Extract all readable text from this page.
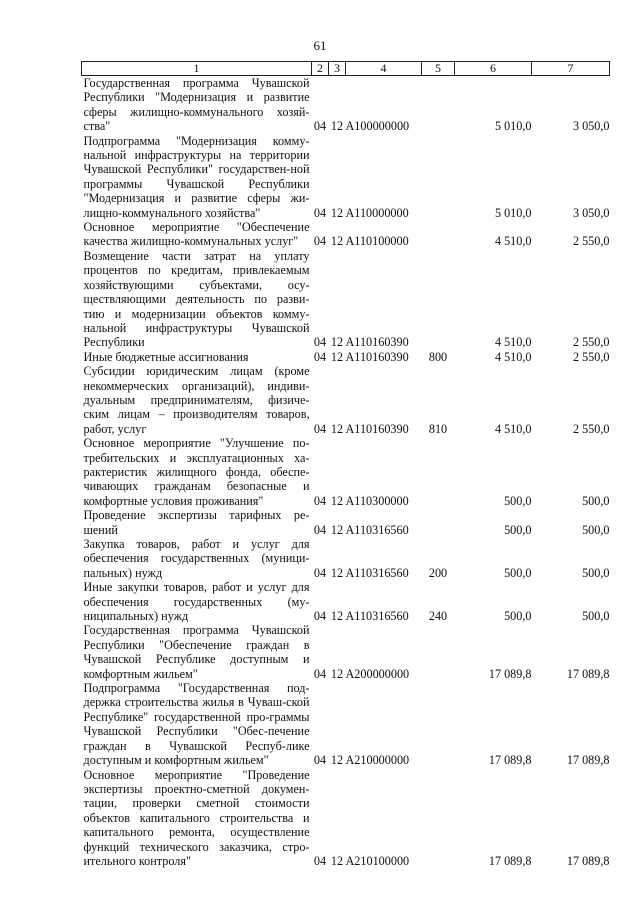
61
1	2	3	4	5	6	7
Государственная программа Чувашской Республики "Модернизация и развитие сферы жилищно-коммунального хозяй-ства"	04	12	А100000000		5 010,0	3 050,0
Подпрограмма "Модернизация комму-нальной инфраструктуры на территории Чувашской Республики" государствен-ной программы Чувашской Республики "Модернизация и развитие сферы жи-лищно-коммунального хозяйства"	04	12	А110000000		5 010,0	3 050,0
Основное мероприятие "Обеспечение качества жилищно-коммунальных услуг"	04	12	А110100000		4 510,0	2 550,0
Возмещение части затрат на уплату процентов по кредитам, привлекаемым хозяйствующими субъектами, осу-ществляющими деятельность по разви-тию и модернизации объектов комму-нальной инфраструктуры Чувашской Республики	04	12	А110160390		4 510,0	2 550,0
Иные бюджетные ассигнования	04	12	А110160390	800	4 510,0	2 550,0
Субсидии юридическим лицам (кроме некоммерческих организаций), индиви-дуальным предпринимателям, физиче-ским лицам – производителям товаров, работ, услуг	04	12	А110160390	810	4 510,0	2 550,0
Основное мероприятие "Улучшение по-требительских и эксплуатационных ха-рактеристик жилищного фонда, обеспе-чивающих гражданам безопасные и комфортные условия проживания"	04	12	А110300000		500,0	500,0
Проведение экспертизы тарифных ре-шений	04	12	А110316560		500,0	500,0
Закупка товаров, работ и услуг для обеспечения государственных (муници-пальных) нужд	04	12	А110316560	200	500,0	500,0
Иные закупки товаров, работ и услуг для обеспечения государственных (му-ниципальных) нужд	04	12	А110316560	240	500,0	500,0
Государственная программа Чувашской Республики "Обеспечение граждан в Чувашской Республике доступным и комфортным жильем"	04	12	А200000000		17 089,8	17 089,8
Подпрограмма "Государственная под-держка строительства жилья в Чуваш-ской Республике" государственной про-граммы Чувашской Республики "Обес-печение граждан в Чувашской Респуб-лике доступным и комфортным жильем"	04	12	А210000000		17 089,8	17 089,8
Основное мероприятие "Проведение экспертизы проектно-сметной докумен-тации, проверки сметной стоимости объектов капитального строительства и капитального ремонта, осуществление функций технического заказчика, стро-ительного контроля"	04	12	А210100000		17 089,8	17 089,8
